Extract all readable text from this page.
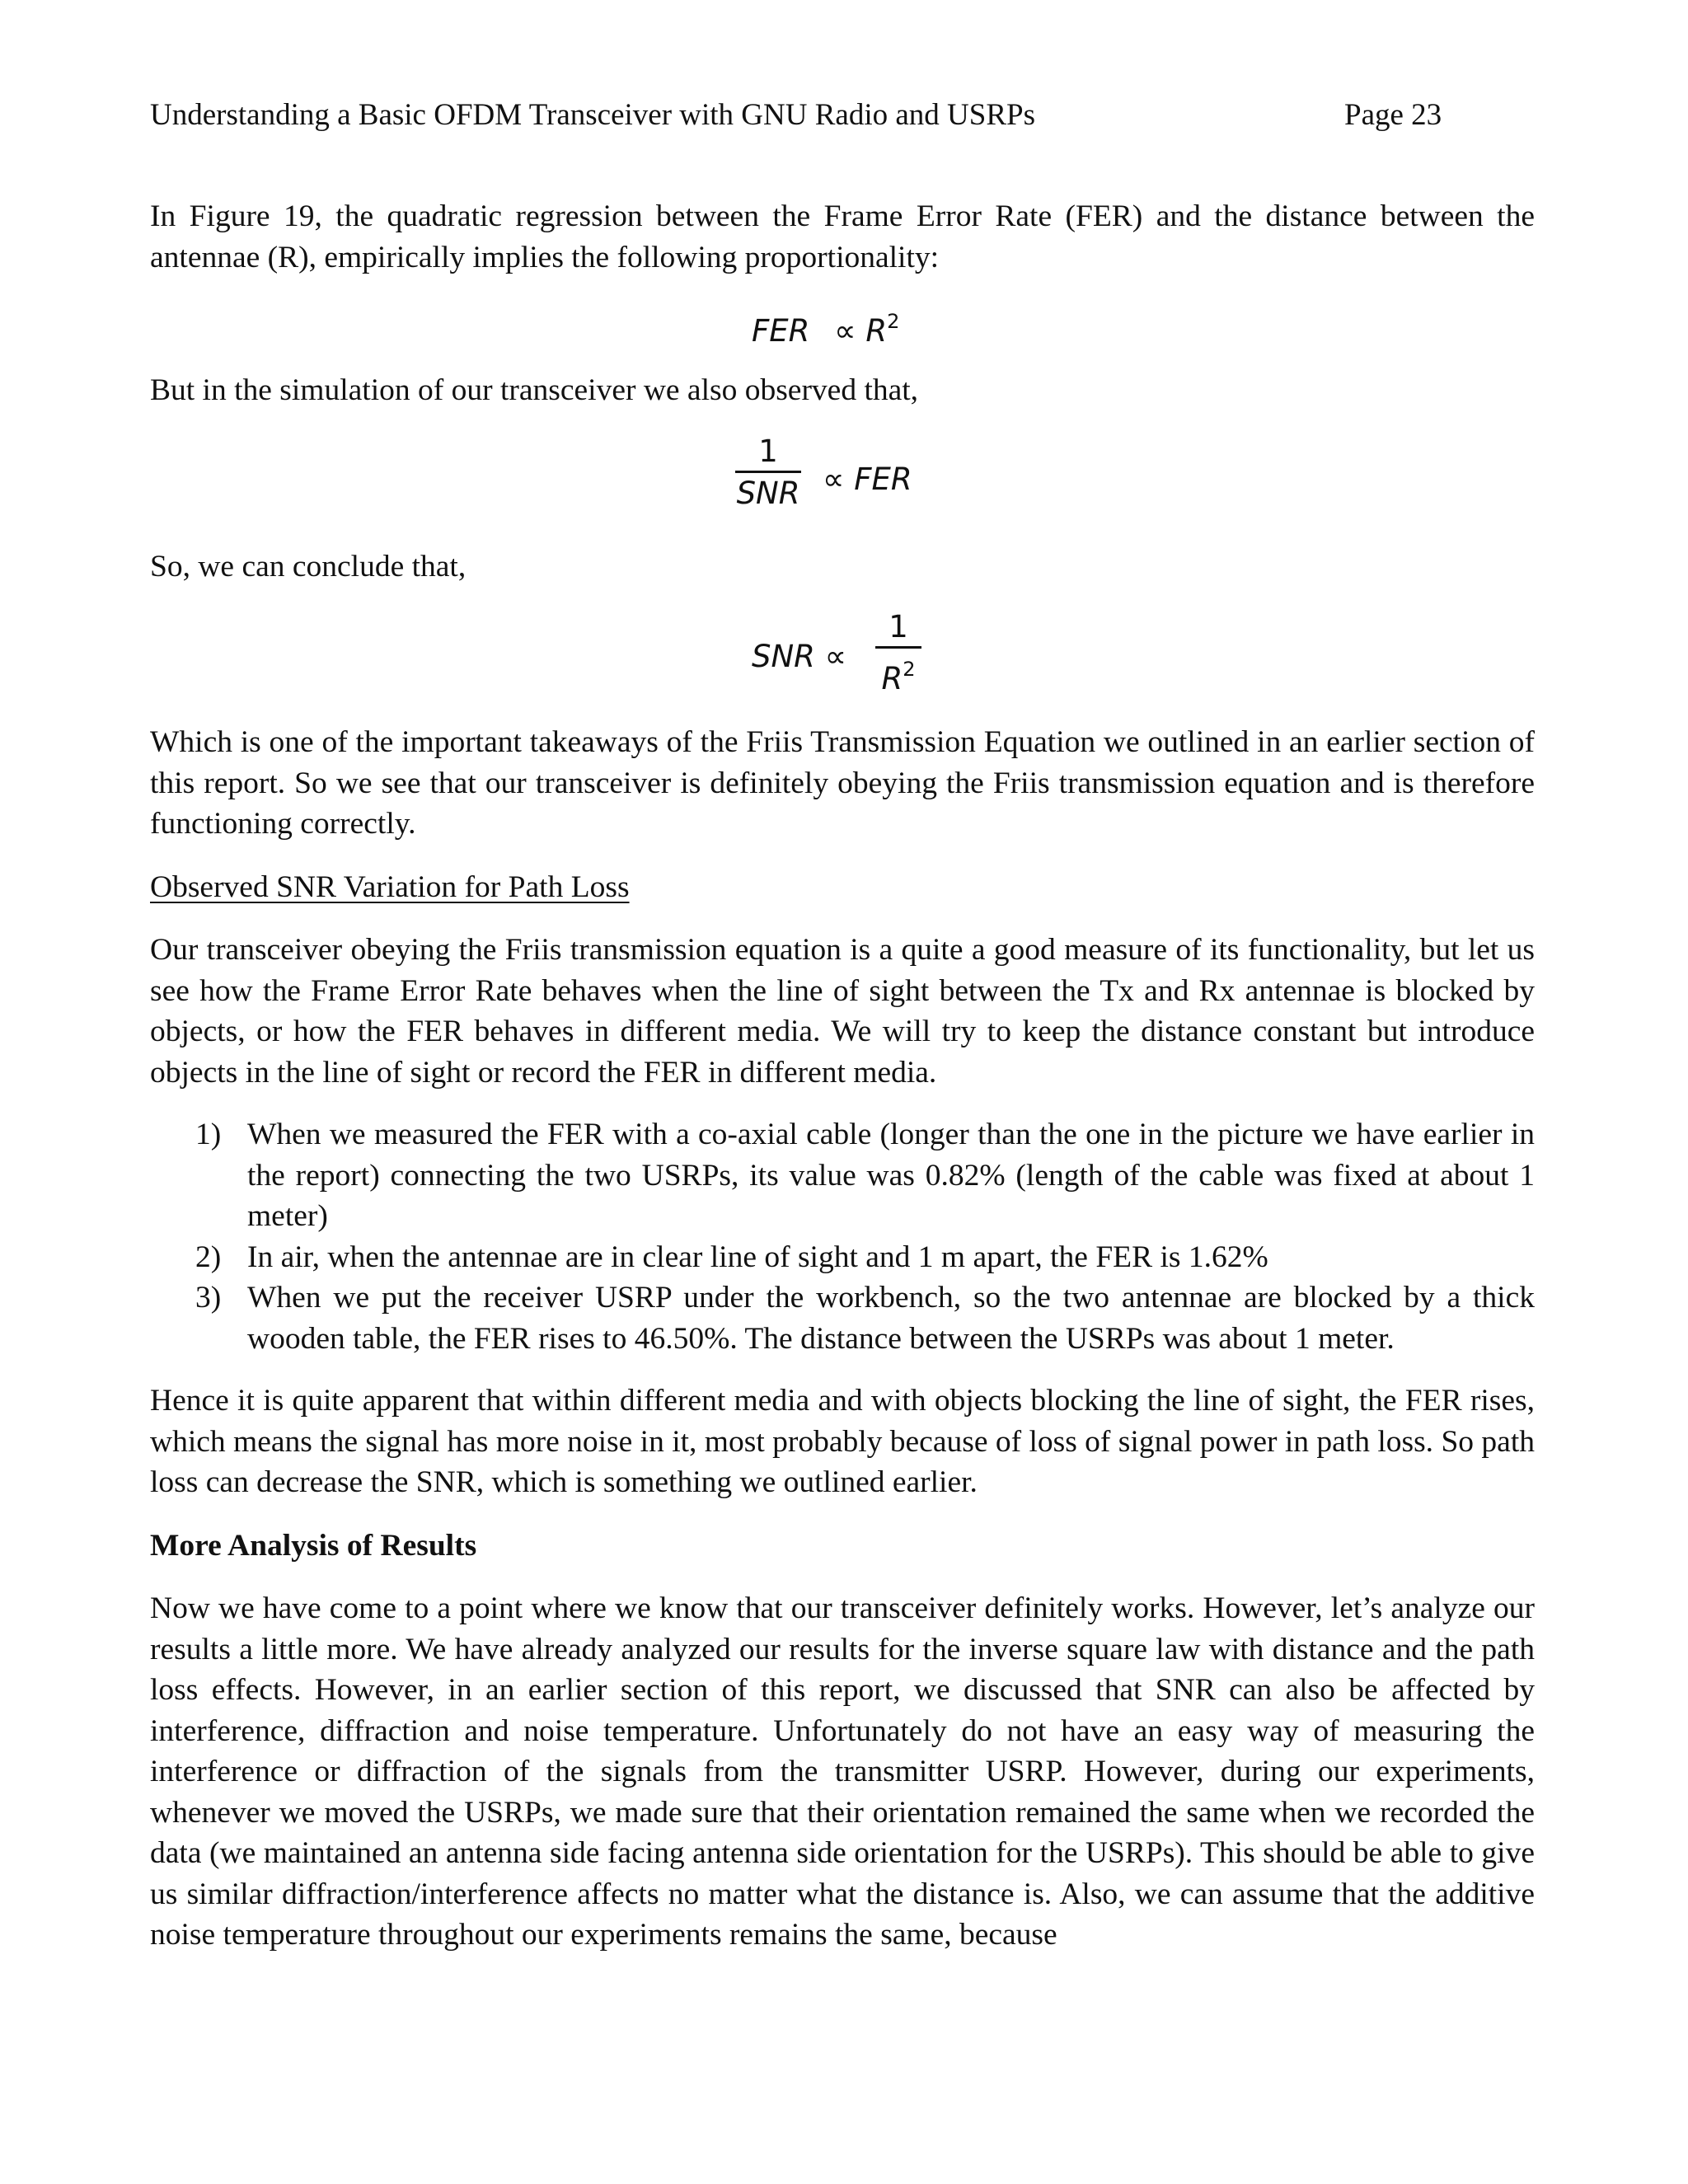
Understanding a Basic OFDM Transceiver with GNU Radio and USRPs	Page 23
In Figure 19, the quadratic regression between the Frame Error Rate (FER) and the distance between the antennae (R), empirically implies the following proportionality:
FER ∝ $R^2$
But in the simulation of our transceiver we also observed that,
1
SNR ∝ FER
So, we can conclude that,
SNR ∝
1
$R^2$
Which is one of the important takeaways of the Friis Transmission Equation we outlined in an earlier section of this report. So we see that our transceiver is definitely obeying the Friis transmission equation and is therefore functioning correctly.
Observed SNR Variation for Path Loss
Our transceiver obeying the Friis transmission equation is a quite a good measure of its functionality, but let us see how the Frame Error Rate behaves when the line of sight between the Tx and Rx antennae is blocked by objects, or how the FER behaves in different media. We will try to keep the distance constant but introduce objects in the line of sight or record the FER in different media.
1) When we measured the FER with a co-axial cable (longer than the one in the picture we have earlier in the report) connecting the two USRPs, its value was 0.82% (length of the cable was fixed at about 1 meter)
2) In air, when the antennae are in clear line of sight and 1 m apart, the FER is 1.62%
3) When we put the receiver USRP under the workbench, so the two antennae are blocked by a thick wooden table, the FER rises to 46.50%. The distance between the USRPs was about 1 meter.
Hence it is quite apparent that within different media and with objects blocking the line of sight, the FER rises, which means the signal has more noise in it, most probably because of loss of signal power in path loss. So path loss can decrease the SNR, which is something we outlined earlier.
More Analysis of Results
Now we have come to a point where we know that our transceiver definitely works. However, let’s analyze our results a little more. We have already analyzed our results for the inverse square law with distance and the path loss effects. However, in an earlier section of this report, we discussed that SNR can also be affected by interference, diffraction and noise temperature. Unfortunately do not have an easy way of measuring the interference or diffraction of the signals from the transmitter USRP. However, during our experiments, whenever we moved the USRPs, we made sure that their orientation remained the same when we recorded the data (we maintained an antenna side facing antenna side orientation for the USRPs). This should be able to give us similar diffraction/interference affects no matter what the distance is. Also, we can assume that the additive noise temperature throughout our experiments remains the same, because
